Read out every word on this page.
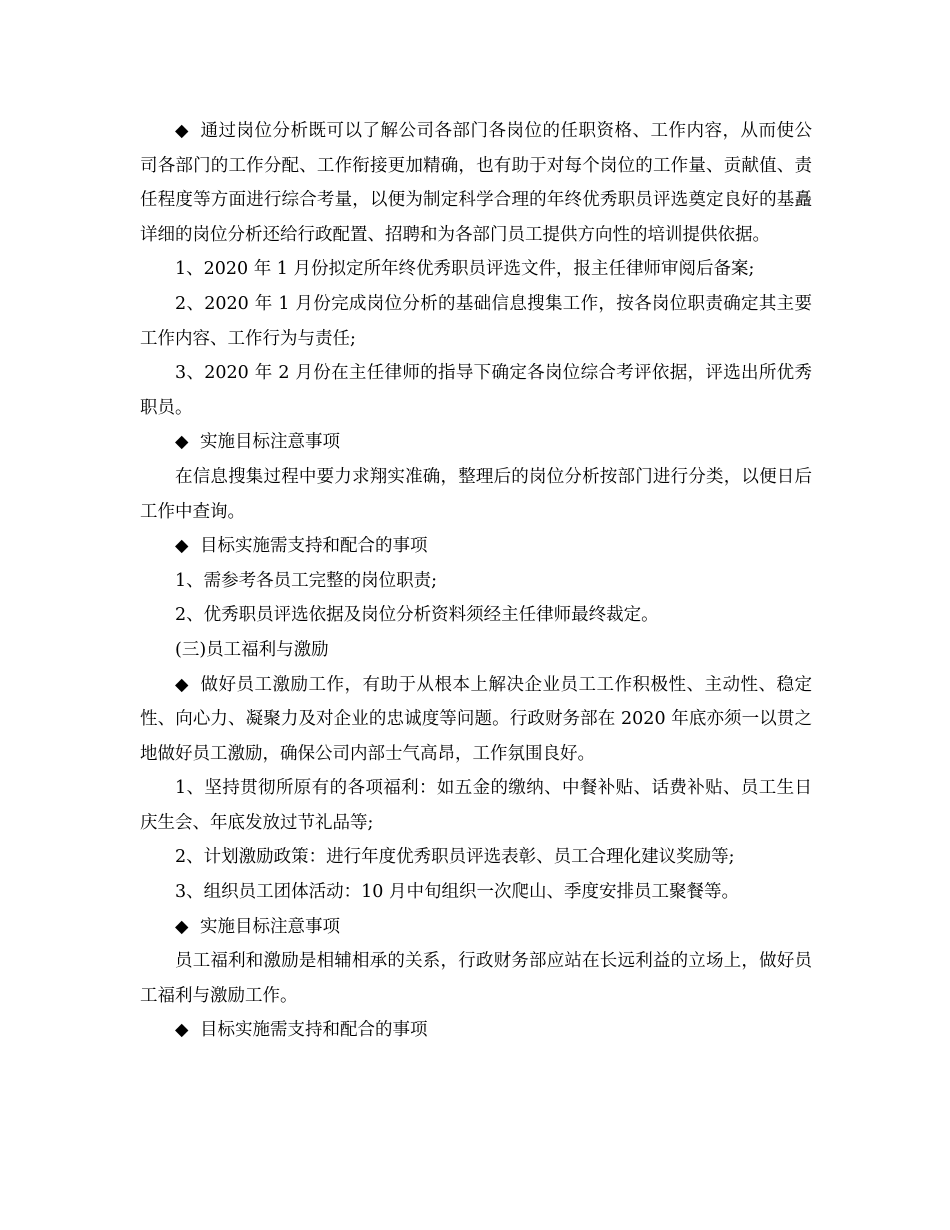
◆ 通过岗位分析既可以了解公司各部门各岗位的任职资格、工作内容，从而使公司各部门的工作分配、工作衔接更加精确，也有助于对每个岗位的工作量、贡献值、责任程度等方面进行综合考量，以便为制定科学合理的年终优秀职员评选奠定良好的基矗详细的岗位分析还给行政配置、招聘和为各部门员工提供方向性的培训提供依据。

1、2020 年 1 月份拟定所年终优秀职员评选文件，报主任律师审阅后备案;

2、2020 年 1 月份完成岗位分析的基础信息搜集工作，按各岗位职责确定其主要工作内容、工作行为与责任;

3、2020 年 2 月份在主任律师的指导下确定各岗位综合考评依据，评选出所优秀职员。

◆ 实施目标注意事项

在信息搜集过程中要力求翔实准确，整理后的岗位分析按部门进行分类，以便日后工作中查询。

◆ 目标实施需支持和配合的事项

1、需参考各员工完整的岗位职责;

2、优秀职员评选依据及岗位分析资料须经主任律师最终裁定。

(三)员工福利与激励

◆ 做好员工激励工作，有助于从根本上解决企业员工工作积极性、主动性、稳定性、向心力、凝聚力及对企业的忠诚度等问题。行政财务部在 2020 年底亦须一以贯之地做好员工激励，确保公司内部士气高昂，工作氛围良好。

1、坚持贯彻所原有的各项福利：如五金的缴纳、中餐补贴、话费补贴、员工生日庆生会、年底发放过节礼品等;

2、计划激励政策：进行年度优秀职员评选表彰、员工合理化建议奖励等;

3、组织员工团体活动：10 月中旬组织一次爬山、季度安排员工聚餐等。

◆ 实施目标注意事项

员工福利和激励是相辅相承的关系，行政财务部应站在长远利益的立场上，做好员工福利与激励工作。

◆ 目标实施需支持和配合的事项
